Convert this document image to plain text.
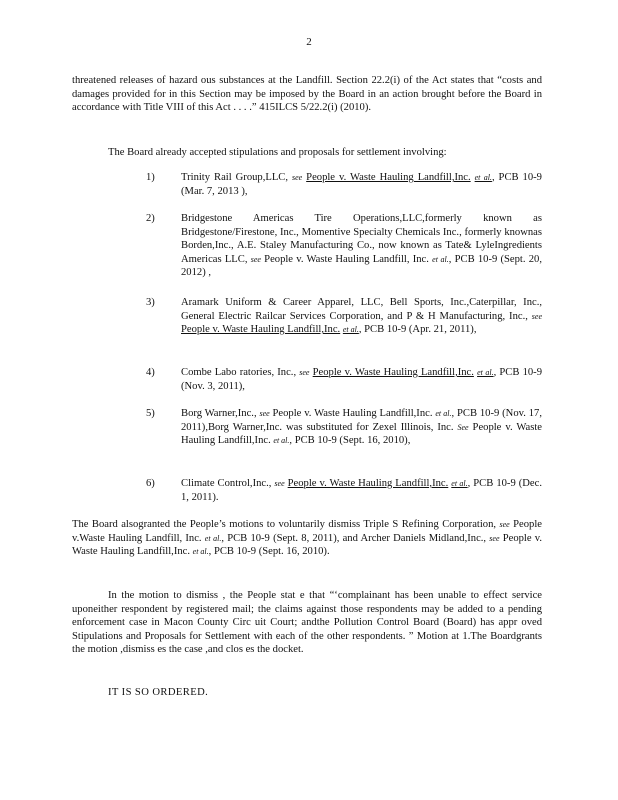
2

threatened releases of hazard ous substances at the Landfill. Section 22.2(i) of the Act states that “costs and damages provided for in this Section may be imposed by the Board in an action brought before the Board in accordance with Title VIII of this Act . . . .” 415ILCS 5/22.2(i) (2010).

The Board already accepted stipulations and proposals for settlement involving:

1)	Trinity Rail Group,LLC, see People v. Waste Hauling Landfill,Inc. et al., PCB 10-9 (Mar. 7, 2013 ),
2)	Bridgestone Americas Tire Operations,LLC,formerly known as Bridgestone/Firestone, Inc., Momentive Specialty Chemicals Inc., formerly knownas Borden,Inc., A.E. Staley Manufacturing Co., now known as Tate& LyleIngredients Americas LLC, see People v. Waste Hauling Landfill, Inc. et al., PCB 10-9 (Sept. 20, 2012) ,
3)	Aramark Uniform & Career Apparel, LLC, Bell Sports, Inc.,Caterpillar, Inc., General Electric Railcar Services Corporation, and P & H Manufacturing, Inc., see People v. Waste Hauling Landfill,Inc. et al., PCB 10-9 (Apr. 21, 2011),
4)	Combe Labo ratories, Inc., see People v. Waste Hauling Landfill,Inc. et al., PCB 10-9 (Nov. 3, 2011),
5)	Borg Warner,Inc., see People v. Waste Hauling Landfill,Inc. et al., PCB 10-9 (Nov. 17, 2011),Borg Warner,Inc. was substituted for Zexel Illinois, Inc. See People v. Waste Hauling Landfill,Inc. et al., PCB 10-9 (Sept. 16, 2010),
6)	Climate Control,Inc., see People v. Waste Hauling Landfill,Inc. et al., PCB 10-9 (Dec. 1, 2011).

The Board alsogranted the People’s motions to voluntarily dismiss Triple S Refining Corporation, see People v.Waste Hauling Landfill, Inc. et al., PCB 10-9 (Sept. 8, 2011), and Archer Daniels Midland,Inc., see People v. Waste Hauling Landfill,Inc. et al., PCB 10-9 (Sept. 16, 2010).

In the motion to dismiss , the People stat e that “‘complainant has been unable to effect service uponeither respondent by registered mail; the claims against those respondents may be added to a pending enforcement case in Macon County Circ uit Court; andthe Pollution Control Board (Board) has appr oved Stipulations and Proposals for Settlement with each of the other respondents. ” Motion at 1.The Boardgrants the motion ,dismiss es the case ,and clos es the docket.

IT IS SO ORDERED.
